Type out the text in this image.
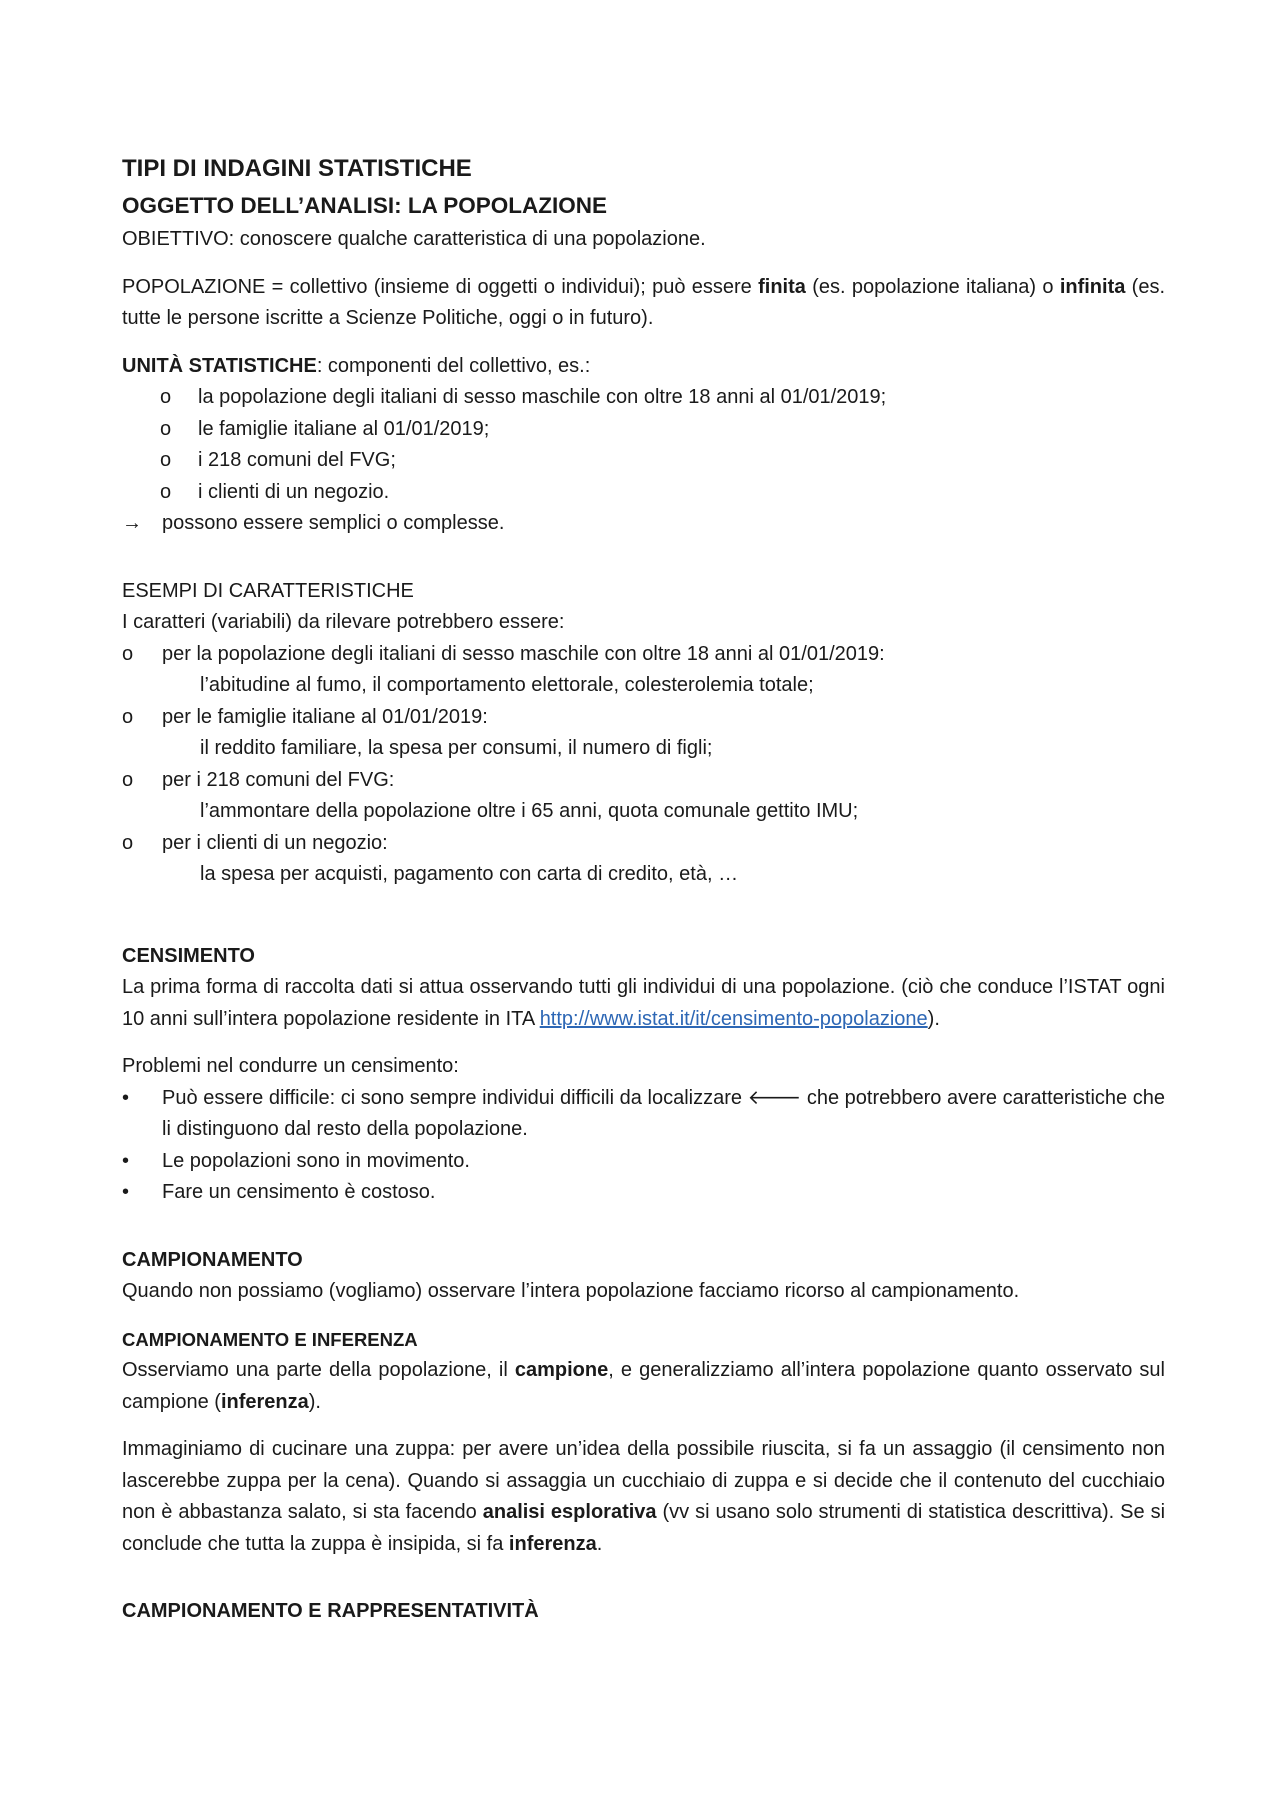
TIPI DI INDAGINI STATISTICHE
OGGETTO DELL’ANALISI: LA POPOLAZIONE

OBIETTIVO: conoscere qualche caratteristica di una popolazione.

POPOLAZIONE = collettivo (insieme di oggetti o individui); può essere finita (es. popolazione italiana) o infinita (es. tutte le persone iscritte a Scienze Politiche, oggi o in futuro).

UNITÀ STATISTICHE: componenti del collettivo, es.:

o	la popolazione degli italiani di sesso maschile con oltre 18 anni al 01/01/2019;
o	le famiglie italiane al 01/01/2019;
o	i 218 comuni del FVG;
o	i clienti di un negozio.
→	possono essere semplici o complesse.

ESEMPI DI CARATTERISTICHE

I caratteri (variabili) da rilevare potrebbero essere:

o	per la popolazione degli italiani di sesso maschile con oltre 18 anni al 01/01/2019:

l’abitudine al fumo, il comportamento elettorale, colesterolemia totale;

o	per le famiglie italiane al 01/01/2019:

il reddito familiare, la spesa per consumi, il numero di figli;

o	per i 218 comuni del FVG:

l’ammontare della popolazione oltre i 65 anni, quota comunale gettito IMU;

o	per i clienti di un negozio:

la spesa per acquisti, pagamento con carta di credito, età, …

CENSIMENTO

La prima forma di raccolta dati si attua osservando tutti gli individui di una popolazione. (ciò che conduce l’ISTAT ogni 10 anni sull’intera popolazione residente in ITA http://www.istat.it/it/censimento-popolazione).

Problemi nel condurre un censimento:

•	Può essere difficile: ci sono sempre individui difficili da localizzare 🡐 che potrebbero avere caratteristiche che li distinguono dal resto della popolazione.
•	Le popolazioni sono in movimento.
•	Fare un censimento è costoso.
CAMPIONAMENTO

Quando non possiamo (vogliamo) osservare l’intera popolazione facciamo ricorso al campionamento.

CAMPIONAMENTO E INFERENZA

Osserviamo una parte della popolazione, il campione, e generalizziamo all’intera popolazione quanto osservato sul campione (inferenza).

Immaginiamo di cucinare una zuppa: per avere un’idea della possibile riuscita, si fa un assaggio (il censimento non lascerebbe zuppa per la cena). Quando si assaggia un cucchiaio di zuppa e si decide che il contenuto del cucchiaio non è abbastanza salato, si sta facendo analisi esplorativa (vv si usano solo strumenti di statistica descrittiva). Se si conclude che tutta la zuppa è insipida, si fa inferenza.

CAMPIONAMENTO E RAPPRESENTATIVITÀ
